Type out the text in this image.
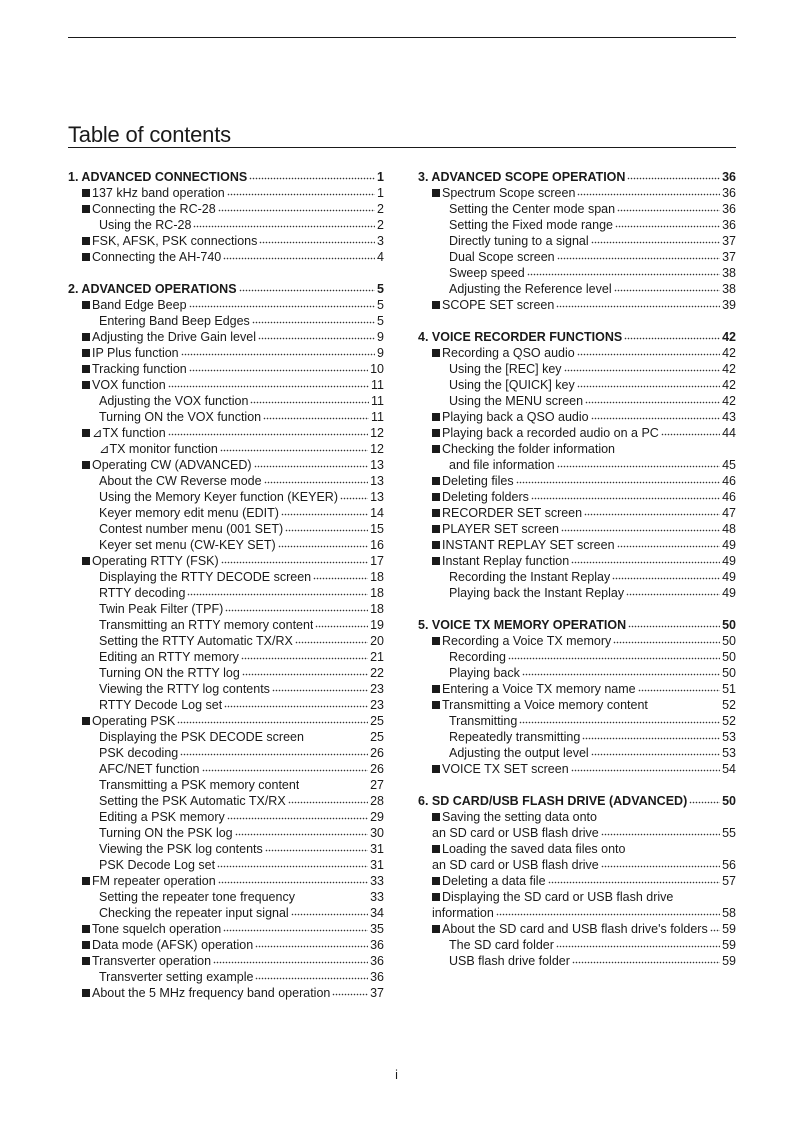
Table of contents
1. ADVANCED CONNECTIONS	1
137 kHz band operation	1
Connecting the RC-28	2
Using the RC-28	2
FSK, AFSK, PSK connections	3
Connecting the AH-740	4
2. ADVANCED OPERATIONS	5
Band Edge Beep	5
Entering Band Beep Edges	5
Adjusting the Drive Gain level	9
IP Plus function	9
Tracking function	10
VOX function	11
Adjusting the VOX function	11
Turning ON the VOX function	11
⊿TX function	12
⊿TX monitor function	12
Operating CW (ADVANCED)	13
About the CW Reverse mode	13
Using the Memory Keyer function (KEYER)	13
Keyer memory edit menu (EDIT)	14
Contest number menu (001 SET)	15
Keyer set menu (CW-KEY SET)	16
Operating RTTY (FSK)	17
Displaying the RTTY DECODE screen	18
RTTY decoding	18
Twin Peak Filter (TPF)	18
Transmitting an RTTY memory content	19
Setting the RTTY Automatic TX/RX	20
Editing an RTTY memory	21
Turning ON the RTTY log	22
Viewing the RTTY log contents	23
RTTY Decode Log set	23
Operating PSK	25
Displaying the PSK DECODE screen	25
PSK decoding	26
AFC/NET function	26
Transmitting a PSK memory content	27
Setting the PSK Automatic TX/RX	28
Editing a PSK memory	29
Turning ON the PSK log	30
Viewing the PSK log contents	31
PSK Decode Log set	31
FM repeater operation	33
Setting the repeater tone frequency	33
Checking the repeater input signal	34
Tone squelch operation	35
Data mode (AFSK) operation	36
Transverter operation	36
Transverter setting example	36
About the 5 MHz frequency band operation	37
3. ADVANCED SCOPE OPERATION	36
Spectrum Scope screen	36
Setting the Center mode span	36
Setting the Fixed mode range	36
Directly tuning to a signal	37
Dual Scope screen	37
Sweep speed	38
Adjusting the Reference level	38
SCOPE SET screen	39
4. VOICE RECORDER FUNCTIONS	42
Recording a QSO audio	42
Using the [REC] key	42
Using the [QUICK] key	42
Using the MENU screen	42
Playing back a QSO audio	43
Playing back a recorded audio on a PC	44
Checking the folder information
and file information	45
Deleting files	46
Deleting folders	46
RECORDER SET screen	47
PLAYER SET screen	48
INSTANT REPLAY SET screen	49
Instant Replay function	49
Recording the Instant Replay	49
Playing back the Instant Replay	49
5. VOICE TX MEMORY OPERATION	50
Recording a Voice TX memory	50
Recording	50
Playing back	50
Entering a Voice TX memory name	51
Transmitting a Voice memory content	52
Transmitting	52
Repeatedly transmitting	53
Adjusting the output level	53
VOICE TX SET screen	54
6. SD CARD/USB FLASH DRIVE (ADVANCED)	50
Saving the setting data onto
an SD card or USB flash drive	55
Loading the saved data files onto
an SD card or USB flash drive	56
Deleting a data file	57
Displaying the SD card or USB flash drive
information	58
About the SD card and USB flash drive's folders 59
The SD card folder	59
USB flash drive folder	59
i
